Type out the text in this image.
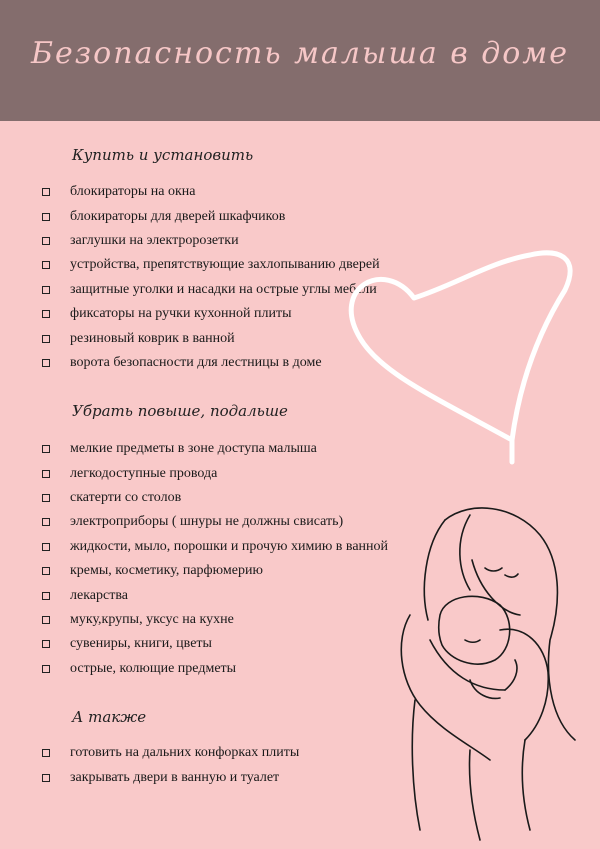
Безопасность малыша в доме
Купить и установить
блокираторы на окна
блокираторы для дверей шкафчиков
заглушки на электророзетки
устройства, препятствующие захлопыванию дверей
защитные уголки и насадки на острые углы мебели
фиксаторы на ручки кухонной плиты
резиновый коврик в ванной
ворота безопасности для лестницы в доме
Убрать повыше, подальше
мелкие предметы в зоне доступа малыша
легкодоступные провода
скатерти со столов
электроприборы ( шнуры не должны свисать)
жидкости, мыло, порошки и прочую химию в ванной
кремы, косметику, парфюмерию
лекарства
муку,крупы, уксус на кухне
сувениры, книги, цветы
острые, колющие предметы
А также
готовить на дальних конфорках плиты
закрывать двери в ванную и туалет
